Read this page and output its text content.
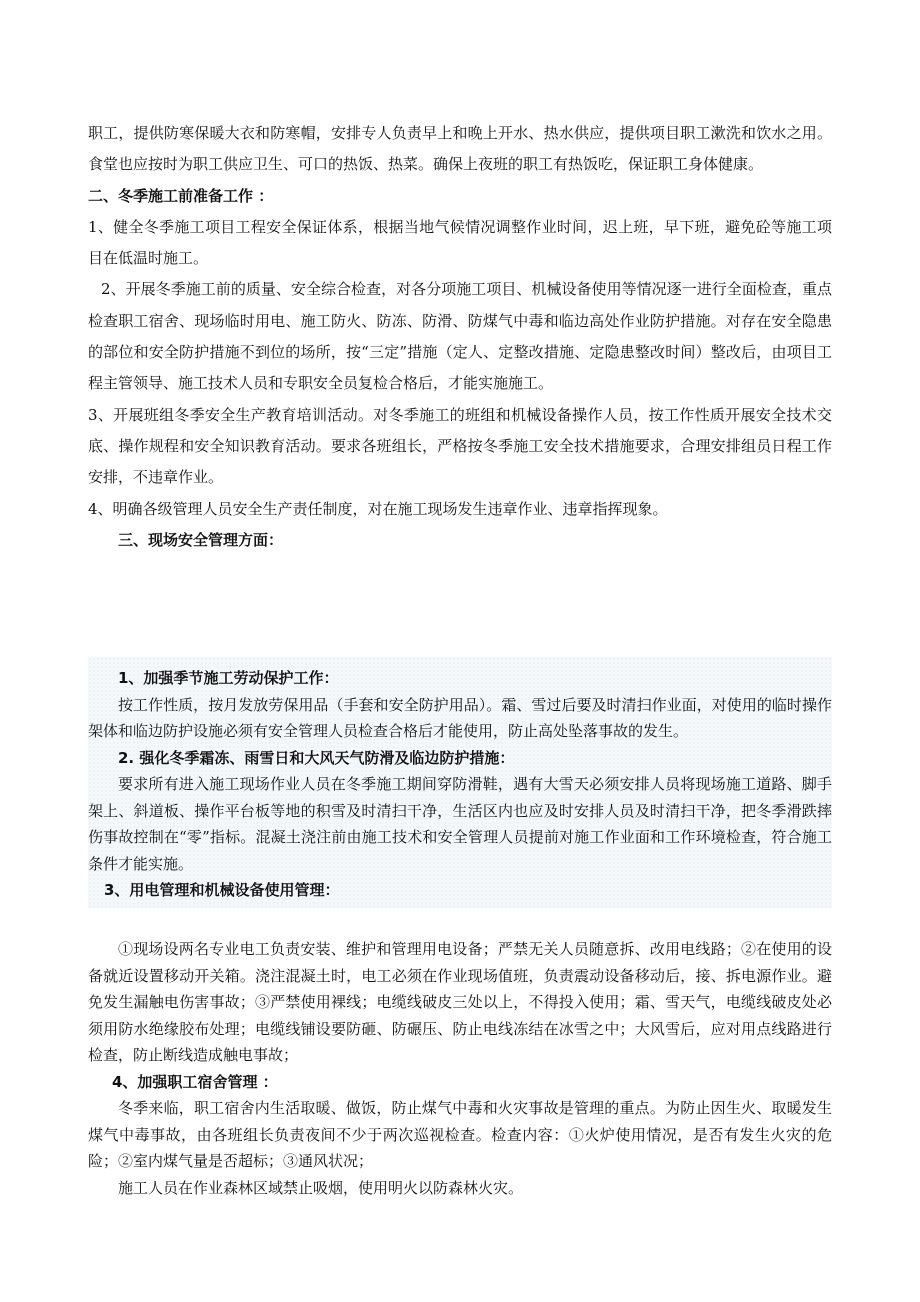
职工，提供防寒保暖大衣和防寒帽，安排专人负责早上和晚上开水、热水供应，提供项目职工漱洗和饮水之用。食堂也应按时为职工供应卫生、可口的热饭、热菜。确保上夜班的职工有热饭吃，保证职工身体健康。

二、冬季施工前准备工作 ：

1、健全冬季施工项目工程安全保证体系，根据当地气候情况调整作业时间，迟上班，早下班，避免砼等施工项目在低温时施工。

2、开展冬季施工前的质量、安全综合检查，对各分项施工项目、机械设备使用等情况逐一进行全面检查，重点检查职工宿舍、现场临时用电、施工防火、防冻、防滑、防煤气中毒和临边高处作业防护措施。对存在安全隐患的部位和安全防护措施不到位的场所，按“三定”措施（定人、定整改措施、定隐患整改时间）整改后，由项目工程主管领导、施工技术人员和专职安全员复检合格后，才能实施施工。

3、开展班组冬季安全生产教育培训活动。对冬季施工的班组和机械设备操作人员，按工作性质开展安全技术交底、操作规程和安全知识教育活动。要求各班组长，严格按冬季施工安全技术措施要求，合理安排组员日程工作安排，不违章作业。

4、明确各级管理人员安全生产责任制度，对在施工现场发生违章作业、违章指挥现象。

三、现场安全管理方面：

1、加强季节施工劳动保护工作：

按工作性质，按月发放劳保用品（手套和安全防护用品）。霜、雪过后要及时清扫作业面，对使用的临时操作架体和临边防护设施必须有安全管理人员检查合格后才能使用，防止高处坠落事故的发生。

2. 强化冬季霜冻、雨雪日和大风天气防滑及临边防护措施：

要求所有进入施工现场作业人员在冬季施工期间穿防滑鞋，遇有大雪天必须安排人员将现场施工道路、脚手架上、斜道板、操作平台板等地的积雪及时清扫干净，生活区内也应及时安排人员及时清扫干净，把冬季滑跌摔伤事故控制在“零”指标。混凝土浇注前由施工技术和安全管理人员提前对施工作业面和工作环境检查，符合施工条件才能实施。

3、用电管理和机械设备使用管理：

①现场设两名专业电工负责安装、维护和管理用电设备；严禁无关人员随意拆、改用电线路；②在使用的设备就近设置移动开关箱。浇注混凝土时，电工必须在作业现场值班，负责震动设备移动后，接、拆电源作业。避免发生漏触电伤害事故；③严禁使用裸线；电缆线破皮三处以上，不得投入使用；霜、雪天气，电缆线破皮处必须用防水绝缘胶布处理；电缆线铺设要防砸、防碾压、防止电线冻结在冰雪之中；大风雪后，应对用点线路进行检查，防止断线造成触电事故；

4、加强职工宿舍管理 ：

冬季来临，职工宿舍内生活取暖、做饭，防止煤气中毒和火灾事故是管理的重点。为防止因生火、取暖发生煤气中毒事故，由各班组长负责夜间不少于两次巡视检查。检查内容：①火炉使用情况，是否有发生火灾的危险；②室内煤气量是否超标；③通风状况；

施工人员在作业森林区域禁止吸烟，使用明火以防森林火灾。
